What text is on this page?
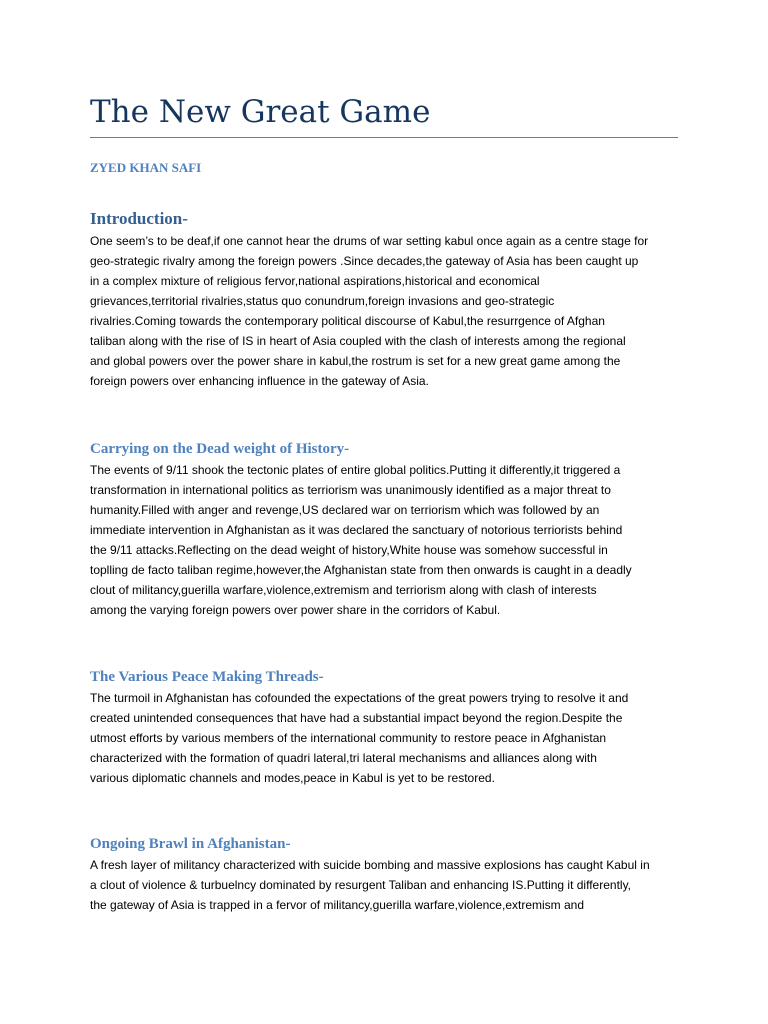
The New Great Game
ZYED KHAN SAFI
Introduction-
One seem’s to be deaf,if one cannot hear the drums of war setting kabul once again as a centre stage for
geo-strategic rivalry among the foreign powers .Since decades,the gateway of Asia has been caught up
in a complex mixture of religious fervor,national aspirations,historical and economical
grievances,territorial rivalries,status quo conundrum,foreign invasions and geo-strategic
rivalries.Coming towards the contemporary political discourse of Kabul,the resurrgence of Afghan
taliban along with the rise of IS in heart of Asia coupled with the clash of interests among the regional
and global powers over the power share in kabul,the rostrum is set for a new great game among the
foreign powers over enhancing influence in the gateway of Asia.
Carrying on the Dead weight of History-
The events of 9/11 shook the tectonic plates of entire global politics.Putting it differently,it triggered a
transformation in international politics as terriorism was unanimously identified as a major threat to
humanity.Filled with anger and revenge,US declared war on terriorism which was followed by an
immediate intervention in Afghanistan as it was declared the sanctuary of notorious terriorists behind
the 9/11 attacks.Reflecting on the dead weight of history,White house was somehow successful in
toplling de facto taliban regime,however,the Afghanistan state from then onwards is caught in a deadly
clout of militancy,guerilla warfare,violence,extremism and terriorism along with clash of interests
among the varying foreign powers over power share in the corridors of Kabul.
The Various Peace Making Threads-
The turmoil in Afghanistan has cofounded the expectations of the great powers trying to resolve it and
created unintended consequences that have had a substantial impact beyond the region.Despite the
utmost efforts by various members of the international community to restore peace in Afghanistan
characterized with the formation of quadri lateral,tri lateral mechanisms and alliances along with
various diplomatic channels and modes,peace in Kabul is yet to be restored.
Ongoing Brawl in Afghanistan-
A fresh layer of militancy characterized with suicide bombing and massive explosions has caught Kabul in
a clout of violence & turbuelncy dominated by resurgent Taliban and enhancing IS.Putting it differently,
the gateway of Asia is trapped in a fervor of militancy,guerilla warfare,violence,extremism and
